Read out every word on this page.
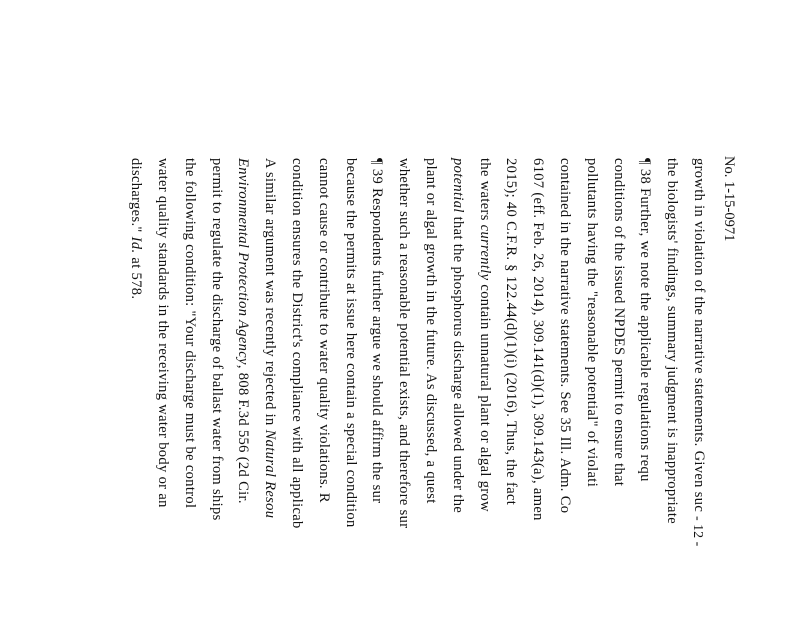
No. 1-15-0971
growth in violation of the narrative statements. Given suc
the biologists' findings, summary judgment is inappropriate
¶ 38 Further, we note the applicable regulations requ
conditions of the issued NPDES permit to ensure that
pollutants having the "reasonable potential" of violati
contained in the narrative statements. See 35 Ill. Adm. Co
6107 (eff. Feb. 26, 2014), 309.141(d)(1), 309.143(a), amen
2015); 40 C.F.R. § 122.44(d)(1)(i) (2016). Thus, the fact
the waters currently contain unnatural plant or algal grow
potential that the phosphorus discharge allowed under the
plant or algal growth in the future. As discussed, a quest
whether such a reasonable potential exists, and therefore sur
¶ 39 Respondents further argue we should affirm the sur
because the permits at issue here contain a special condition
cannot cause or contribute to water quality violations. R
condition ensures the District's compliance with all applicab
A similar argument was recently rejected in Natural Resou
Environmental Protection Agency, 808 F.3d 556 (2d Cir.
permit to regulate the discharge of ballast water from ships
the following condition: "Your discharge must be control
water quality standards in the receiving water body or an
discharges." Id. at 578.
- 12 -
